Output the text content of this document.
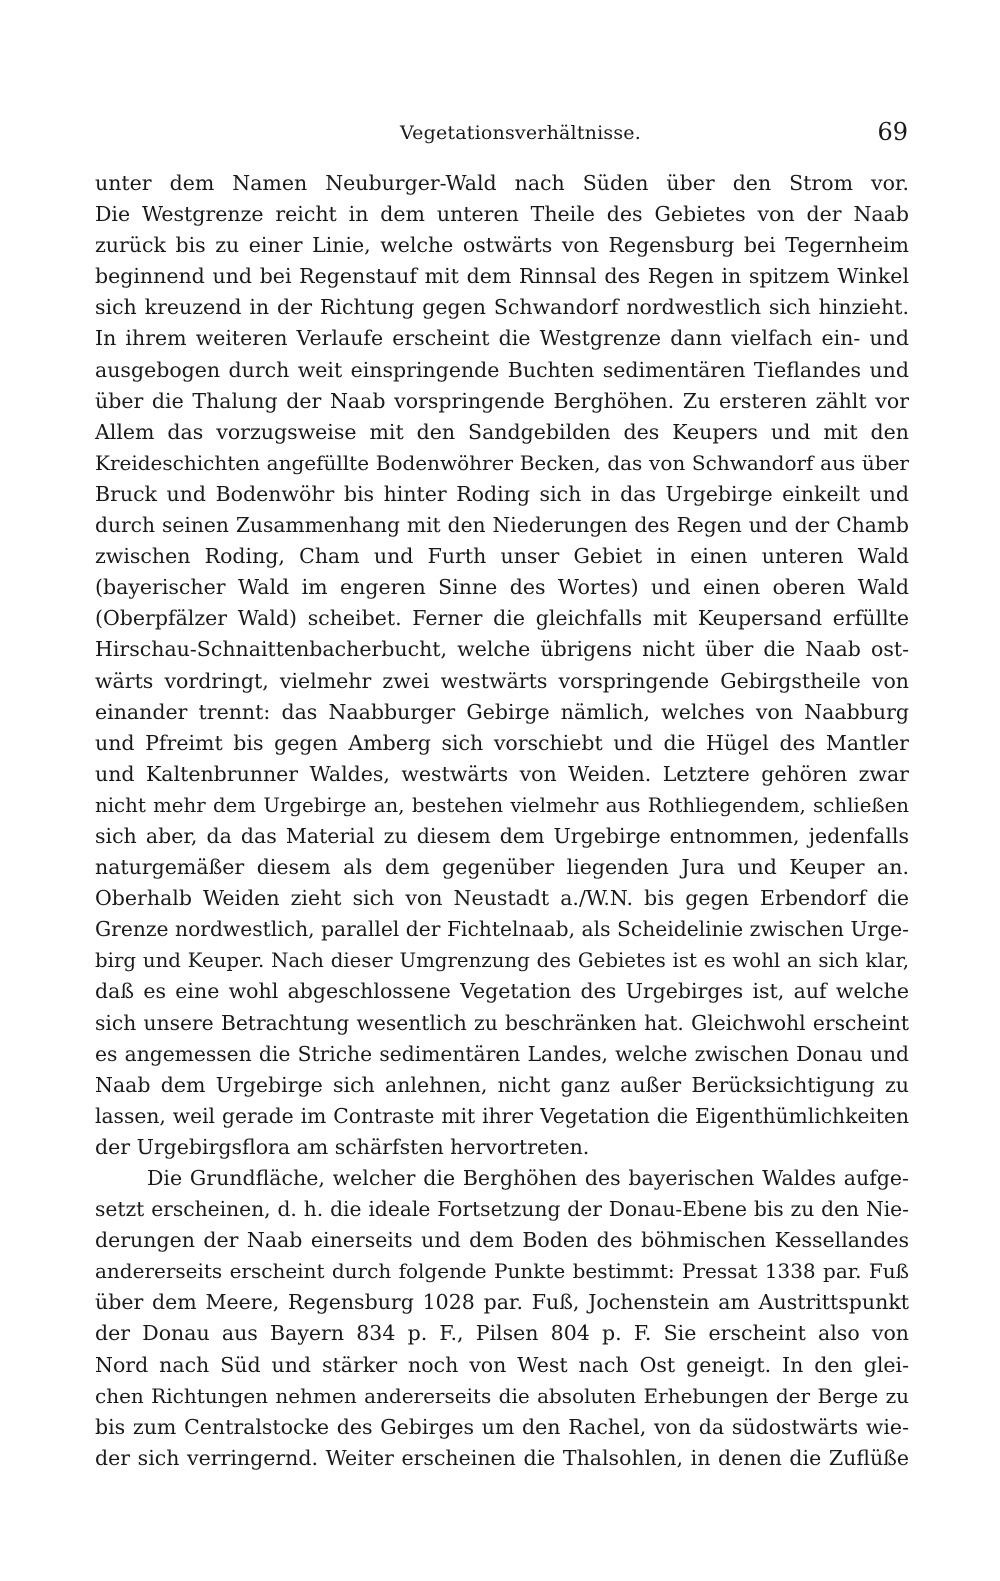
Vegetationsverhältnisse.	69
unter dem Namen Neuburger-Wald nach Süden über den Strom vor.
Die Westgrenze reicht in dem unteren Theile des Gebietes von der Naab
zurück bis zu einer Linie, welche ostwärts von Regensburg bei Tegernheim
beginnend und bei Regenstauf mit dem Rinnsal des Regen in spitzem Winkel
sich kreuzend in der Richtung gegen Schwandorf nordwestlich sich hinzieht.
In ihrem weiteren Verlaufe erscheint die Westgrenze dann vielfach ein- und
ausgebogen durch weit einspringende Buchten sedimentären Tieflandes und
über die Thalung der Naab vorspringende Berghöhen. Zu ersteren zählt vor
Allem das vorzugsweise mit den Sandgebilden des Keupers und mit den
Kreideschichten angefüllte Bodenwöhrer Becken, das von Schwandorf aus über
Bruck und Bodenwöhr bis hinter Roding sich in das Urgebirge einkeilt und
durch seinen Zusammenhang mit den Niederungen des Regen und der Chamb
zwischen Roding, Cham und Furth unser Gebiet in einen unteren Wald
(bayerischer Wald im engeren Sinne des Wortes) und einen oberen Wald
(Oberpfälzer Wald) scheibet. Ferner die gleichfalls mit Keupersand erfüllte
Hirschau-Schnaittenbacherbucht, welche übrigens nicht über die Naab ost-
wärts vordringt, vielmehr zwei westwärts vorspringende Gebirgstheile von
einander trennt: das Naabburger Gebirge nämlich, welches von Naabburg
und Pfreimt bis gegen Amberg sich vorschiebt und die Hügel des Mantler
und Kaltenbrunner Waldes, westwärts von Weiden. Letztere gehören zwar
nicht mehr dem Urgebirge an, bestehen vielmehr aus Rothliegendem, schließen
sich aber, da das Material zu diesem dem Urgebirge entnommen, jedenfalls
naturgemäßer diesem als dem gegenüber liegenden Jura und Keuper an.
Oberhalb Weiden zieht sich von Neustadt a./W.N. bis gegen Erbendorf die
Grenze nordwestlich, parallel der Fichtelnaab, als Scheidelinie zwischen Urge-
birg und Keuper. Nach dieser Umgrenzung des Gebietes ist es wohl an sich klar,
daß es eine wohl abgeschlossene Vegetation des Urgebirges ist, auf welche
sich unsere Betrachtung wesentlich zu beschränken hat. Gleichwohl erscheint
es angemessen die Striche sedimentären Landes, welche zwischen Donau und
Naab dem Urgebirge sich anlehnen, nicht ganz außer Berücksichtigung zu
lassen, weil gerade im Contraste mit ihrer Vegetation die Eigenthümlichkeiten
der Urgebirgsflora am schärfsten hervortreten.
Die Grundfläche, welcher die Berghöhen des bayerischen Waldes aufge-
setzt erscheinen, d. h. die ideale Fortsetzung der Donau-Ebene bis zu den Nie-
derungen der Naab einerseits und dem Boden des böhmischen Kessellandes
andererseits erscheint durch folgende Punkte bestimmt: Pressat 1338 par. Fuß
über dem Meere, Regensburg 1028 par. Fuß, Jochenstein am Austrittspunkt
der Donau aus Bayern 834 p. F., Pilsen 804 p. F. Sie erscheint also von
Nord nach Süd und stärker noch von West nach Ost geneigt. In den glei-
chen Richtungen nehmen andererseits die absoluten Erhebungen der Berge zu
bis zum Centralstocke des Gebirges um den Rachel, von da südostwärts wie-
der sich verringernd. Weiter erscheinen die Thalsohlen, in denen die Zuflüße
